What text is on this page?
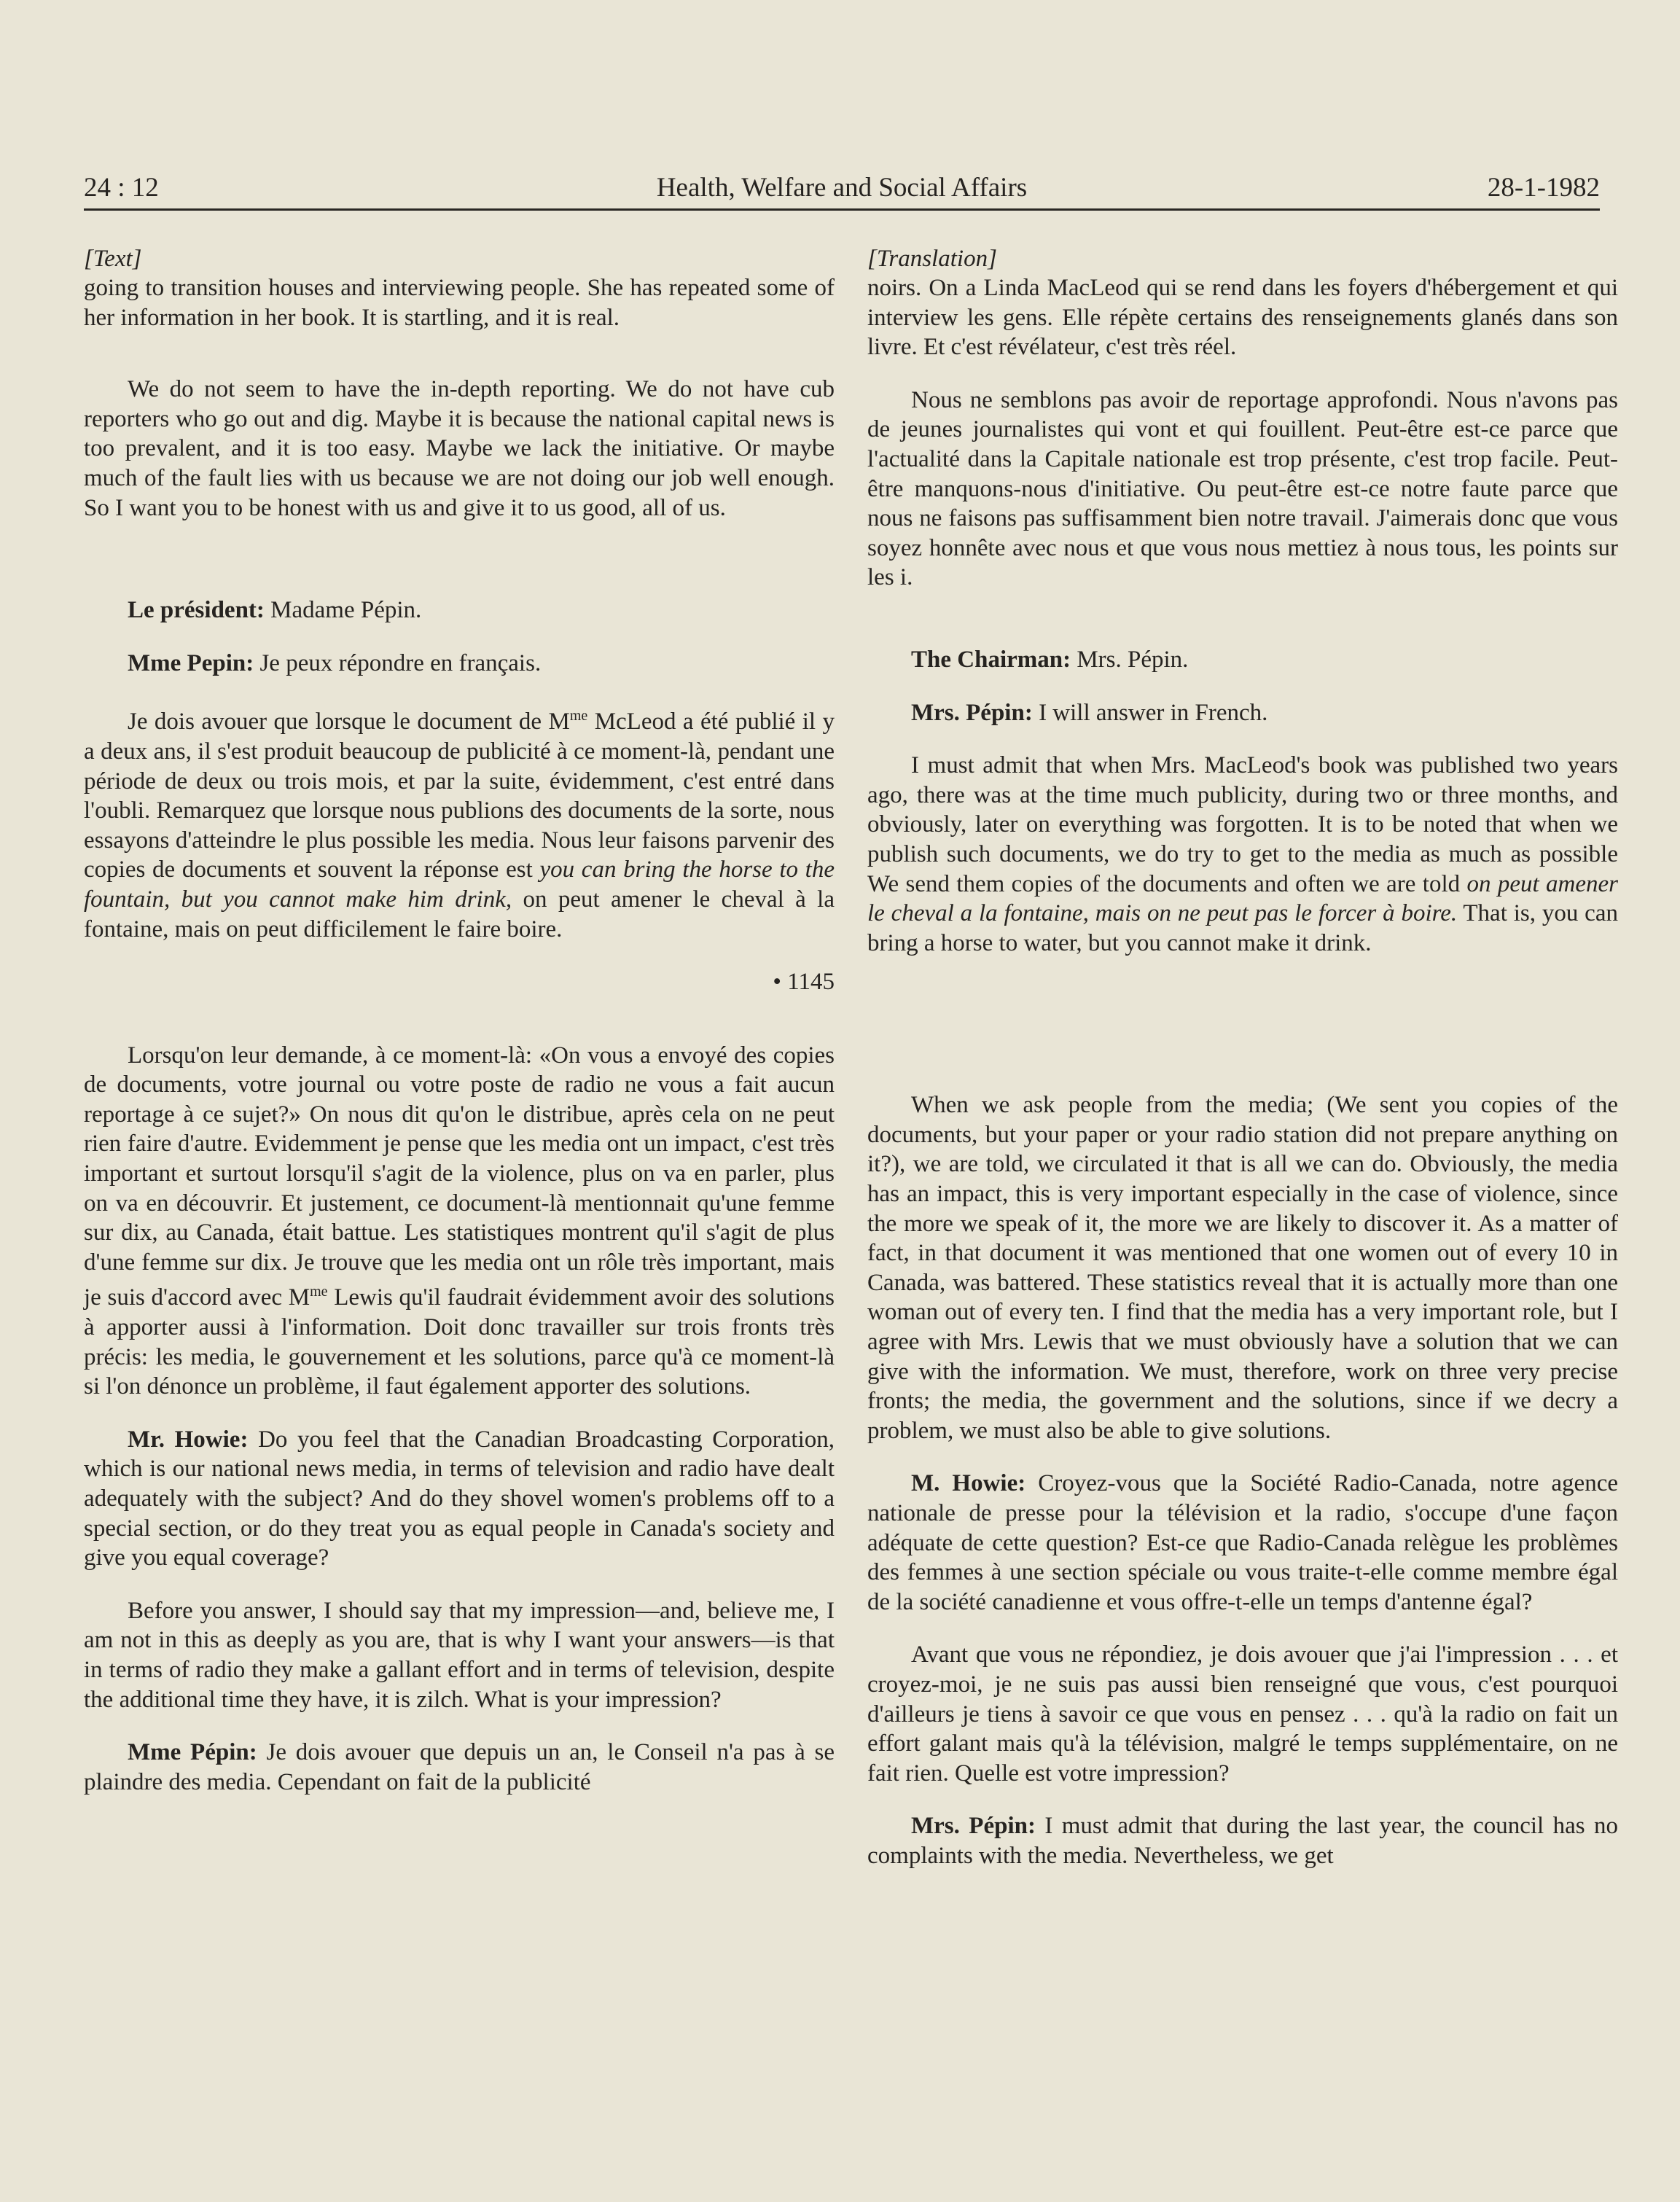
24 : 12	Health, Welfare and Social Affairs	28-1-1982
[Text]

going to transition houses and interviewing people. She has repeated some of her information in her book. It is startling, and it is real.

We do not seem to have the in-depth reporting. We do not have cub reporters who go out and dig. Maybe it is because the national capital news is too prevalent, and it is too easy. Maybe we lack the initiative. Or maybe much of the fault lies with us because we are not doing our job well enough. So I want you to be honest with us and give it to us good, all of us.

Le président: Madame Pépin.

Mme Pepin: Je peux répondre en français.

Je dois avouer que lorsque le document de $M^{me}$ McLeod a été publié il y a deux ans, il s'est produit beaucoup de publicité à ce moment-là, pendant une période de deux ou trois mois, et par la suite, évidemment, c'est entré dans l'oubli. Remarquez que lorsque nous publions des documents de la sorte, nous essayons d'atteindre le plus possible les media. Nous leur faisons parvenir des copies de documents et souvent la réponse est you can bring the horse to the fountain, but you cannot make him drink, on peut amener le cheval à la fontaine, mais on peut difficilement le faire boire.

• 1145

Lorsqu'on leur demande, à ce moment-là: «On vous a envoyé des copies de documents, votre journal ou votre poste de radio ne vous a fait aucun reportage à ce sujet?» On nous dit qu'on le distribue, après cela on ne peut rien faire d'autre. Evidemment je pense que les media ont un impact, c'est très important et surtout lorsqu'il s'agit de la violence, plus on va en parler, plus on va en découvrir. Et justement, ce document-là mentionnait qu'une femme sur dix, au Canada, était battue. Les statistiques montrent qu'il s'agit de plus d'une femme sur dix. Je trouve que les media ont un rôle très important, mais je suis d'accord avec $M^{me}$ Lewis qu'il faudrait évidemment avoir des solutions à apporter aussi à l'information. Doit donc travailler sur trois fronts très précis: les media, le gouvernement et les solutions, parce qu'à ce moment-là si l'on dénonce un problème, il faut également apporter des solutions.

Mr. Howie: Do you feel that the Canadian Broadcasting Corporation, which is our national news media, in terms of television and radio have dealt adequately with the subject? And do they shovel women's problems off to a special section, or do they treat you as equal people in Canada's society and give you equal coverage?

Before you answer, I should say that my impression—and, believe me, I am not in this as deeply as you are, that is why I want your answers—is that in terms of radio they make a gallant effort and in terms of television, despite the additional time they have, it is zilch. What is your impression?

Mme Pépin: Je dois avouer que depuis un an, le Conseil n'a pas à se plaindre des media. Cependant on fait de la publicité

[Translation]

noirs. On a Linda MacLeod qui se rend dans les foyers d'hébergement et qui interview les gens. Elle répète certains des renseignements glanés dans son livre. Et c'est révélateur, c'est très réel.

Nous ne semblons pas avoir de reportage approfondi. Nous n'avons pas de jeunes journalistes qui vont et qui fouillent. Peut-être est-ce parce que l'actualité dans la Capitale nationale est trop présente, c'est trop facile. Peut-être manquons-nous d'initiative. Ou peut-être est-ce notre faute parce que nous ne faisons pas suffisamment bien notre travail. J'aimerais donc que vous soyez honnête avec nous et que vous nous mettiez à nous tous, les points sur les i.

The Chairman: Mrs. Pépin.

Mrs. Pépin: I will answer in French.

I must admit that when Mrs. MacLeod's book was published two years ago, there was at the time much publicity, during two or three months, and obviously, later on everything was forgotten. It is to be noted that when we publish such documents, we do try to get to the media as much as possible We send them copies of the documents and often we are told on peut amener le cheval a la fontaine, mais on ne peut pas le forcer à boire. That is, you can bring a horse to water, but you cannot make it drink.

When we ask people from the media; (We sent you copies of the documents, but your paper or your radio station did not prepare anything on it?), we are told, we circulated it that is all we can do. Obviously, the media has an impact, this is very important especially in the case of violence, since the more we speak of it, the more we are likely to discover it. As a matter of fact, in that document it was mentioned that one women out of every 10 in Canada, was battered. These statistics reveal that it is actually more than one woman out of every ten. I find that the media has a very important role, but I agree with Mrs. Lewis that we must obviously have a solution that we can give with the information. We must, therefore, work on three very precise fronts; the media, the government and the solutions, since if we decry a problem, we must also be able to give solutions.

M. Howie: Croyez-vous que la Société Radio-Canada, notre agence nationale de presse pour la télévision et la radio, s'occupe d'une façon adéquate de cette question? Est-ce que Radio-Canada relègue les problèmes des femmes à une section spéciale ou vous traite-t-elle comme membre égal de la société canadienne et vous offre-t-elle un temps d'antenne égal?

Avant que vous ne répondiez, je dois avouer que j'ai l'impression . . . et croyez-moi, je ne suis pas aussi bien renseigné que vous, c'est pourquoi d'ailleurs je tiens à savoir ce que vous en pensez . . . qu'à la radio on fait un effort galant mais qu'à la télévision, malgré le temps supplémentaire, on ne fait rien. Quelle est votre impression?

Mrs. Pépin: I must admit that during the last year, the council has no complaints with the media. Nevertheless, we get
